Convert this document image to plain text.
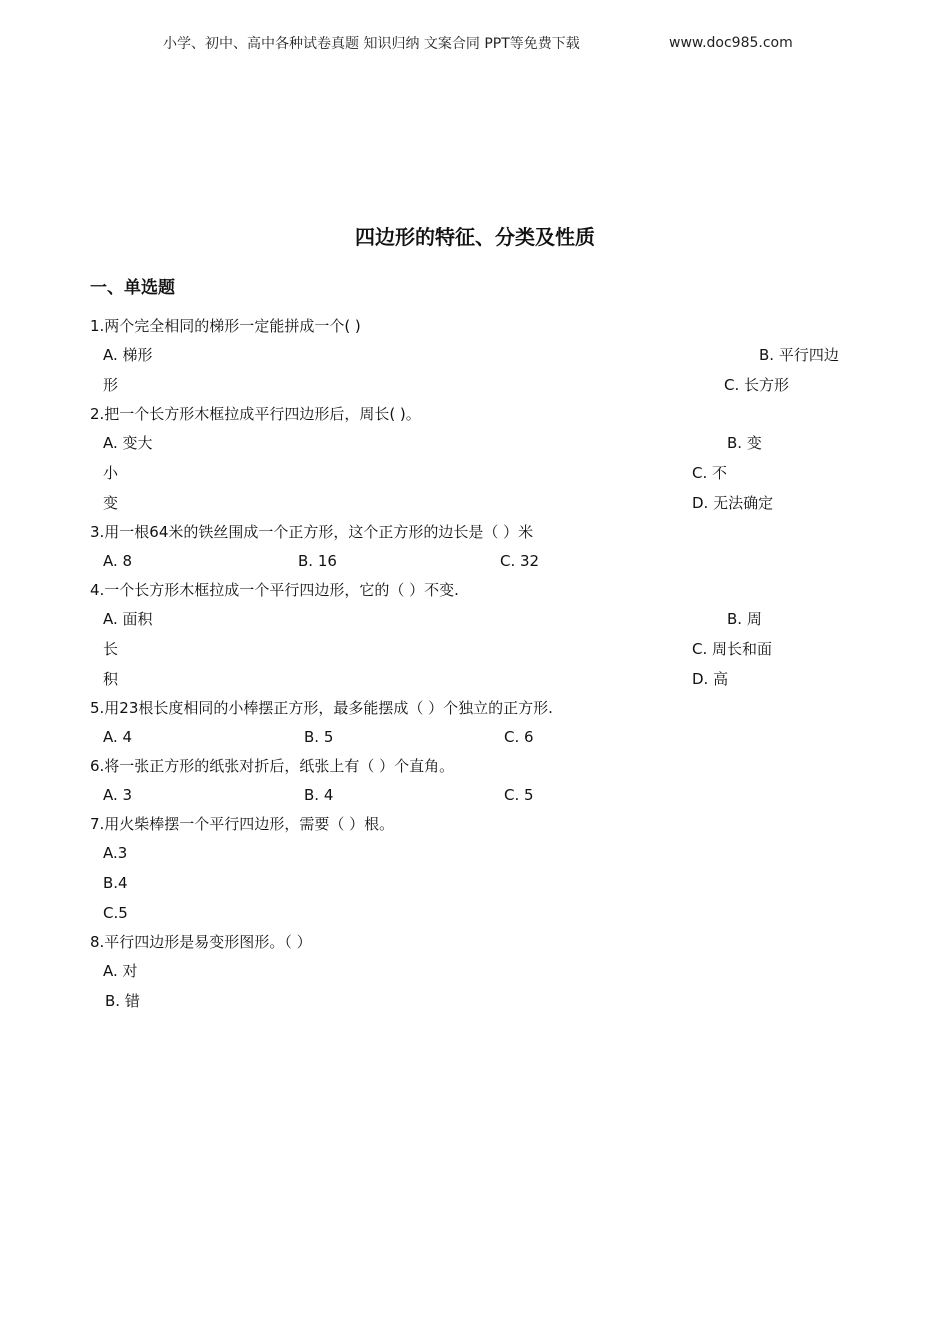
小学、初中、高中各种试卷真题 知识归纳 文案合同 PPT等免费下载	www.doc985.com
四边形的特征、分类及性质
一、单选题
1.两个完全相同的梯形一定能拼成一个( )
A. 梯形	B. 平行四边
形	C. 长方形
2.把一个长方形木框拉成平行四边形后，周长( )。
A. 变大	B. 变
小	C. 不
变	D. 无法确定
3.用一根64米的铁丝围成一个正方形，这个正方形的边长是（ ）米
A. 8	B. 16	C. 32
4.一个长方形木框拉成一个平行四边形，它的（ ）不变.
A. 面积	B. 周
长	C. 周长和面
积	D. 高
5.用23根长度相同的小棒摆正方形，最多能摆成（ ）个独立的正方形.
A. 4	B. 5	C. 6
6.将一张正方形的纸张对折后，纸张上有（ ）个直角。
A. 3	B. 4	C. 5
7.用火柴棒摆一个平行四边形，需要（ ）根。
A.3
B.4
C.5
8.平行四边形是易变形图形。（ ）
A. 对
B. 错
